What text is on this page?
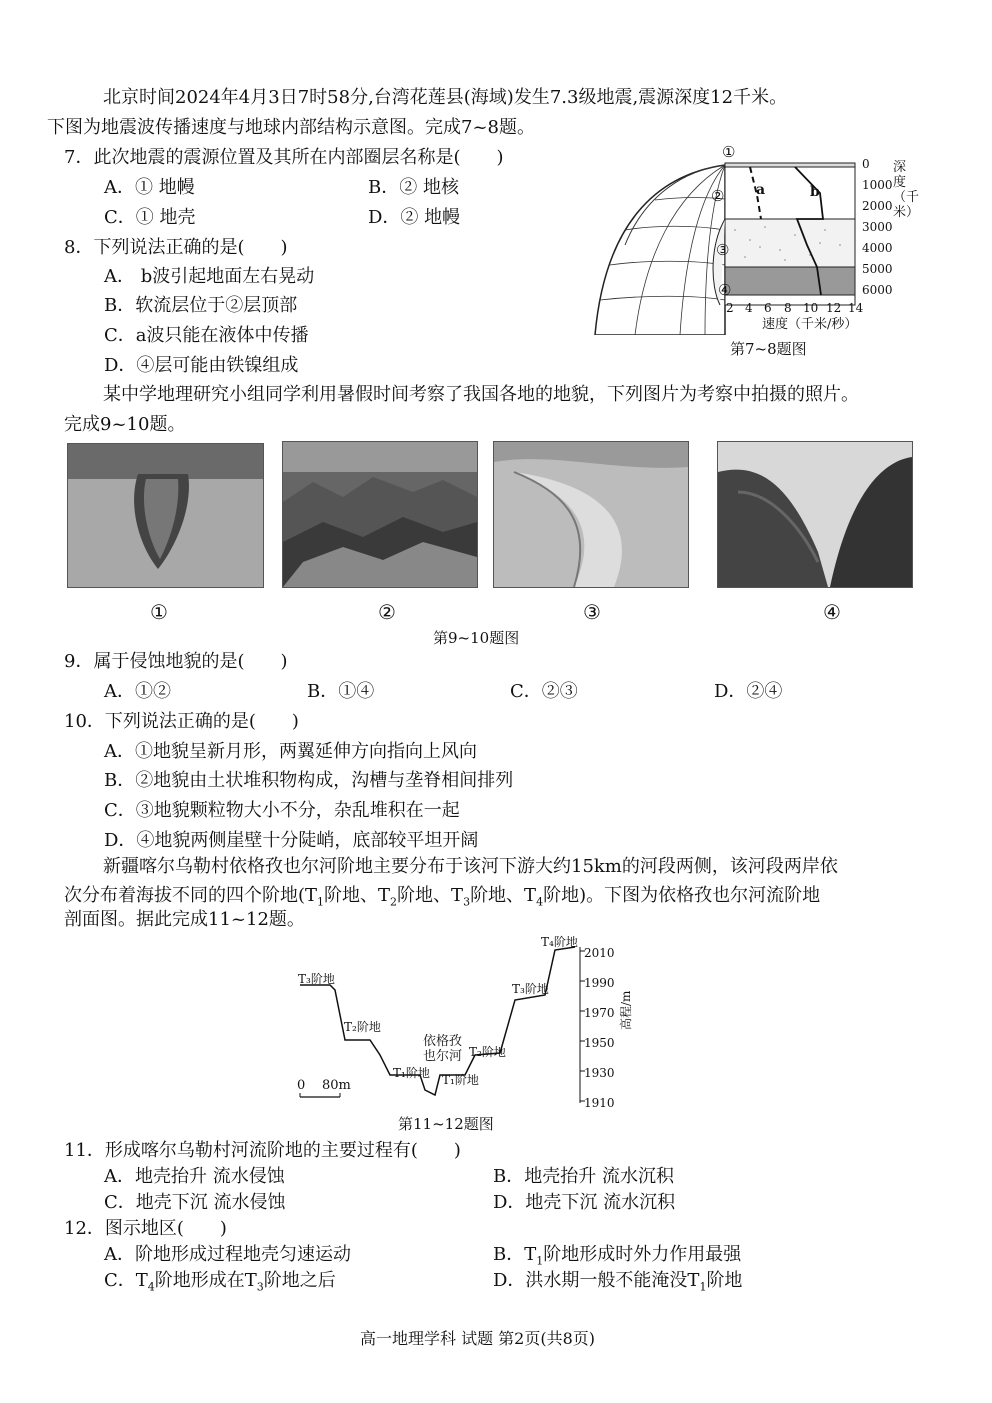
北京时间2024年4月3日7时58分,台湾花莲县(海域)发生7.3级地震,震源深度12千米。
下图为地震波传播速度与地球内部结构示意图。完成7~8题。
7．此次地震的震源位置及其所在内部圈层名称是(　　)
A．① 地幔	B．② 地核
C．① 地壳	D．② 地幔
8．下列说法正确的是(　　)
A． b波引起地面左右晃动
B．软流层位于②层顶部
C．a波只能在液体中传播
D．④层可能由铁镍组成
①
②
③
④
a	b
0
1000
2000
3000
4000
5000
6000
深度（千米）
2 4 6 8 10 12 14
速度（千米/秒）
第7~8题图
某中学地理研究小组同学利用暑假时间考察了我国各地的地貌，下列图片为考察中拍摄的照片。
完成9~10题。
①	②	③	④
第9~10题图
9．属于侵蚀地貌的是(　　)
A．①②	B．①④	C．②③	D．②④
10．下列说法正确的是(　　)
A．①地貌呈新月形，两翼延伸方向指向上风向
B．②地貌由土状堆积物构成，沟槽与垄脊相间排列
C．③地貌颗粒物大小不分，杂乱堆积在一起
D．④地貌两侧崖壁十分陡峭，底部较平坦开阔
新疆喀尔乌勒村依格孜也尔河阶地主要分布于该河下游大约15km的河段两侧，该河段两岸依
次分布着海拔不同的四个阶地($T_1$阶地、$T_2$阶地、$T_3$阶地、$T_4$阶地)。下图为依格孜也尔河流阶地
剖面图。据此完成11~12题。
T₄阶地
T₃阶地
T₃阶地
T₂阶地
T₂阶地
T₁阶地 T₁阶地
依格孜
也尔河
0 80m
2010
1990
1970
1950
1930
1910
高程/m
第11~12题图
11．形成喀尔乌勒村河流阶地的主要过程有(　　)
A．地壳抬升 流水侵蚀	B．地壳抬升 流水沉积
C．地壳下沉 流水侵蚀	D．地壳下沉 流水沉积
12．图示地区(　　)
A．阶地形成过程地壳匀速运动	B．$T_1$阶地形成时外力作用最强
C．$T_4$阶地形成在$T_3$阶地之后	D．洪水期一般不能淹没$T_1$阶地
高一地理学科 试题 第2页(共8页)
